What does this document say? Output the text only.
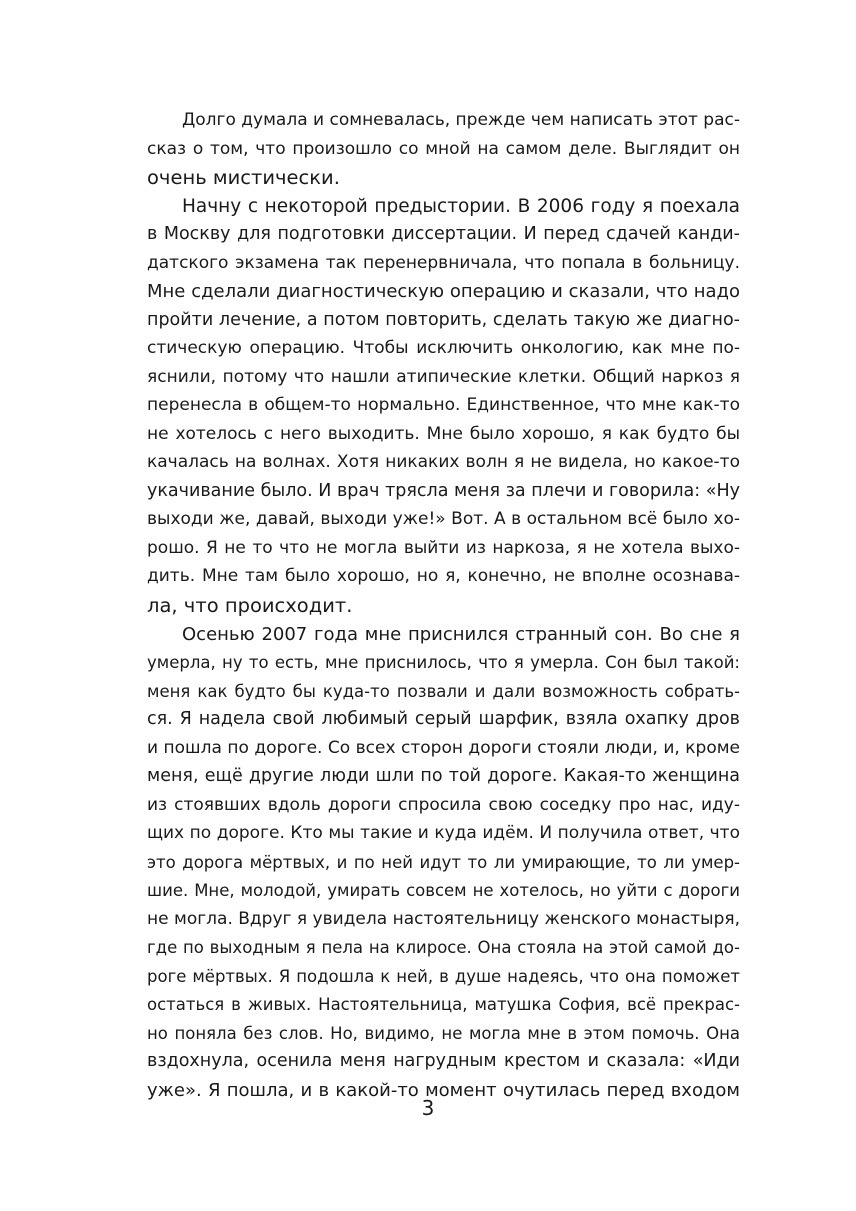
Долго думала и сомневалась, прежде чем написать этот рас-
сказ о том, что произошло со мной на самом деле. Выглядит он
очень мистически.
Начну с некоторой предыстории. В 2006 году я поехала
в Москву для подготовки диссертации. И перед сдачей канди-
датского экзамена так перенервничала, что попала в больницу.
Мне сделали диагностическую операцию и сказали, что надо
пройти лечение, а потом повторить, сделать такую же диагно-
стическую операцию. Чтобы исключить онкологию, как мне по-
яснили, потому что нашли атипические клетки. Общий наркоз я
перенесла в общем-то нормально. Единственное, что мне как-то
не хотелось с него выходить. Мне было хорошо, я как будто бы
качалась на волнах. Хотя никаких волн я не видела, но какое-то
укачивание было. И врач трясла меня за плечи и говорила: «Ну
выходи же, давай, выходи уже!» Вот. А в остальном всё было хо-
рошо. Я не то что не могла выйти из наркоза, я не хотела выхо-
дить. Мне там было хорошо, но я, конечно, не вполне осознава-
ла, что происходит.
Осенью 2007 года мне приснился странный сон. Во сне я
умерла, ну то есть, мне приснилось, что я умерла. Сон был такой:
меня как будто бы куда-то позвали и дали возможность собрать-
ся. Я надела свой любимый серый шарфик, взяла охапку дров
и пошла по дороге. Со всех сторон дороги стояли люди, и, кроме
меня, ещё другие люди шли по той дороге. Какая-то женщина
из стоявших вдоль дороги спросила свою соседку про нас, иду-
щих по дороге. Кто мы такие и куда идём. И получила ответ, что
это дорога мёртвых, и по ней идут то ли умирающие, то ли умер-
шие. Мне, молодой, умирать совсем не хотелось, но уйти с дороги
не могла. Вдруг я увидела настоятельницу женского монастыря,
где по выходным я пела на клиросе. Она стояла на этой самой до-
роге мёртвых. Я подошла к ней, в душе надеясь, что она поможет
остаться в живых. Настоятельница, матушка София, всё прекрас-
но поняла без слов. Но, видимо, не могла мне в этом помочь. Она
вздохнула, осенила меня нагрудным крестом и сказала: «Иди
уже». Я пошла, и в какой-то момент очутилась перед входом
3
